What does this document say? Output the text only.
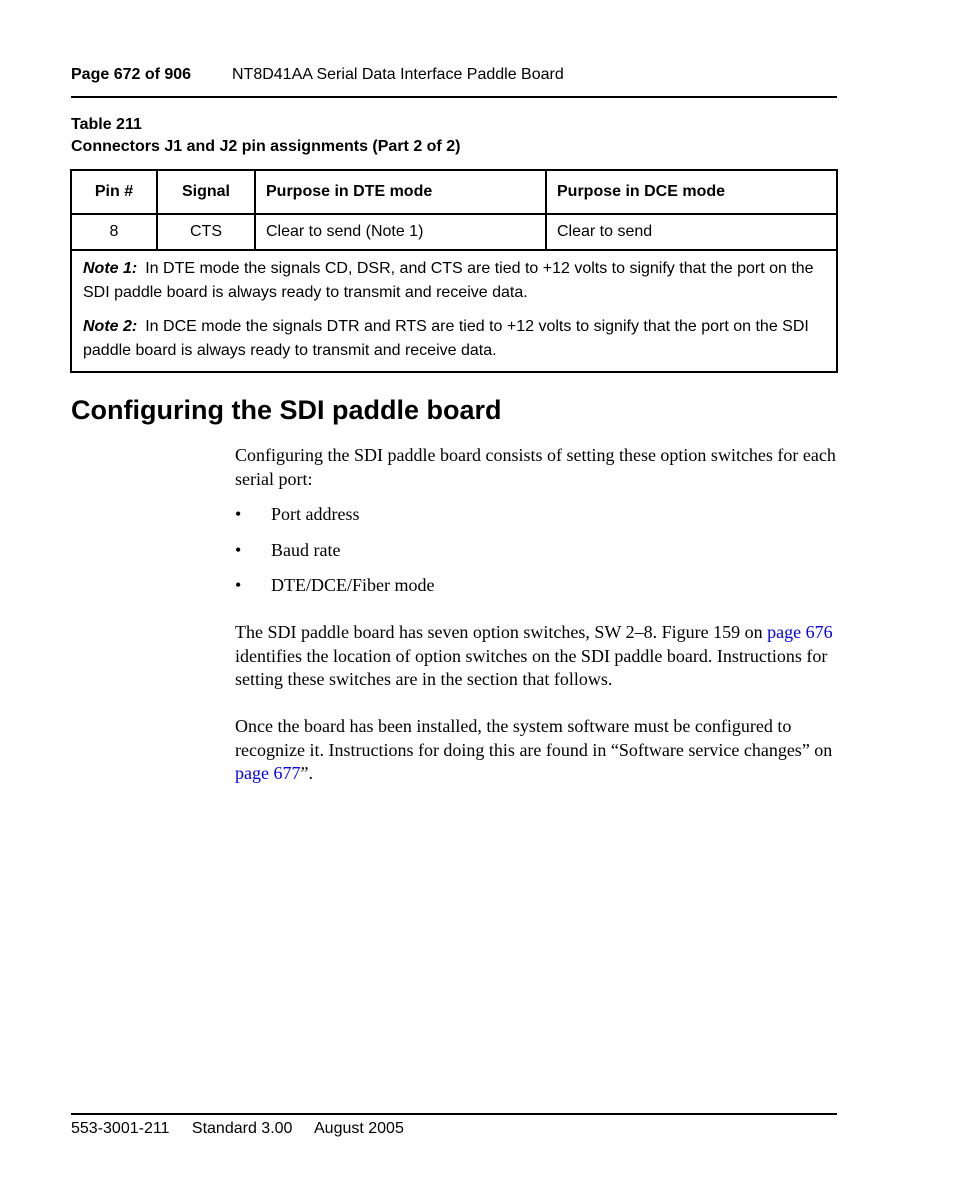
Page 672 of 906	NT8D41AA Serial Data Interface Paddle Board
Table 211
Connectors J1 and J2 pin assignments (Part 2 of 2)
Pin #	Signal	Purpose in DTE mode	Purpose in DCE mode
8	CTS	Clear to send (Note 1)	Clear to send

Note 1: In DTE mode the signals CD, DSR, and CTS are tied to +12 volts to signify that the port on the SDI paddle board is always ready to transmit and receive data.

Note 2: In DCE mode the signals DTR and RTS are tied to +12 volts to signify that the port on the SDI paddle board is always ready to transmit and receive data.			

Configuring the SDI paddle board

Configuring the SDI paddle board consists of setting these option switches for each serial port:

• Port address
• Baud rate
• DTE/DCE/Fiber mode

The SDI paddle board has seven option switches, SW 2–8. Figure 159 on page 676 identifies the location of option switches on the SDI paddle board. Instructions for setting these switches are in the section that follows.

Once the board has been installed, the system software must be configured to recognize it. Instructions for doing this are found in “Software service changes” on page 677”.

553-3001-211 Standard 3.00 August 2005
